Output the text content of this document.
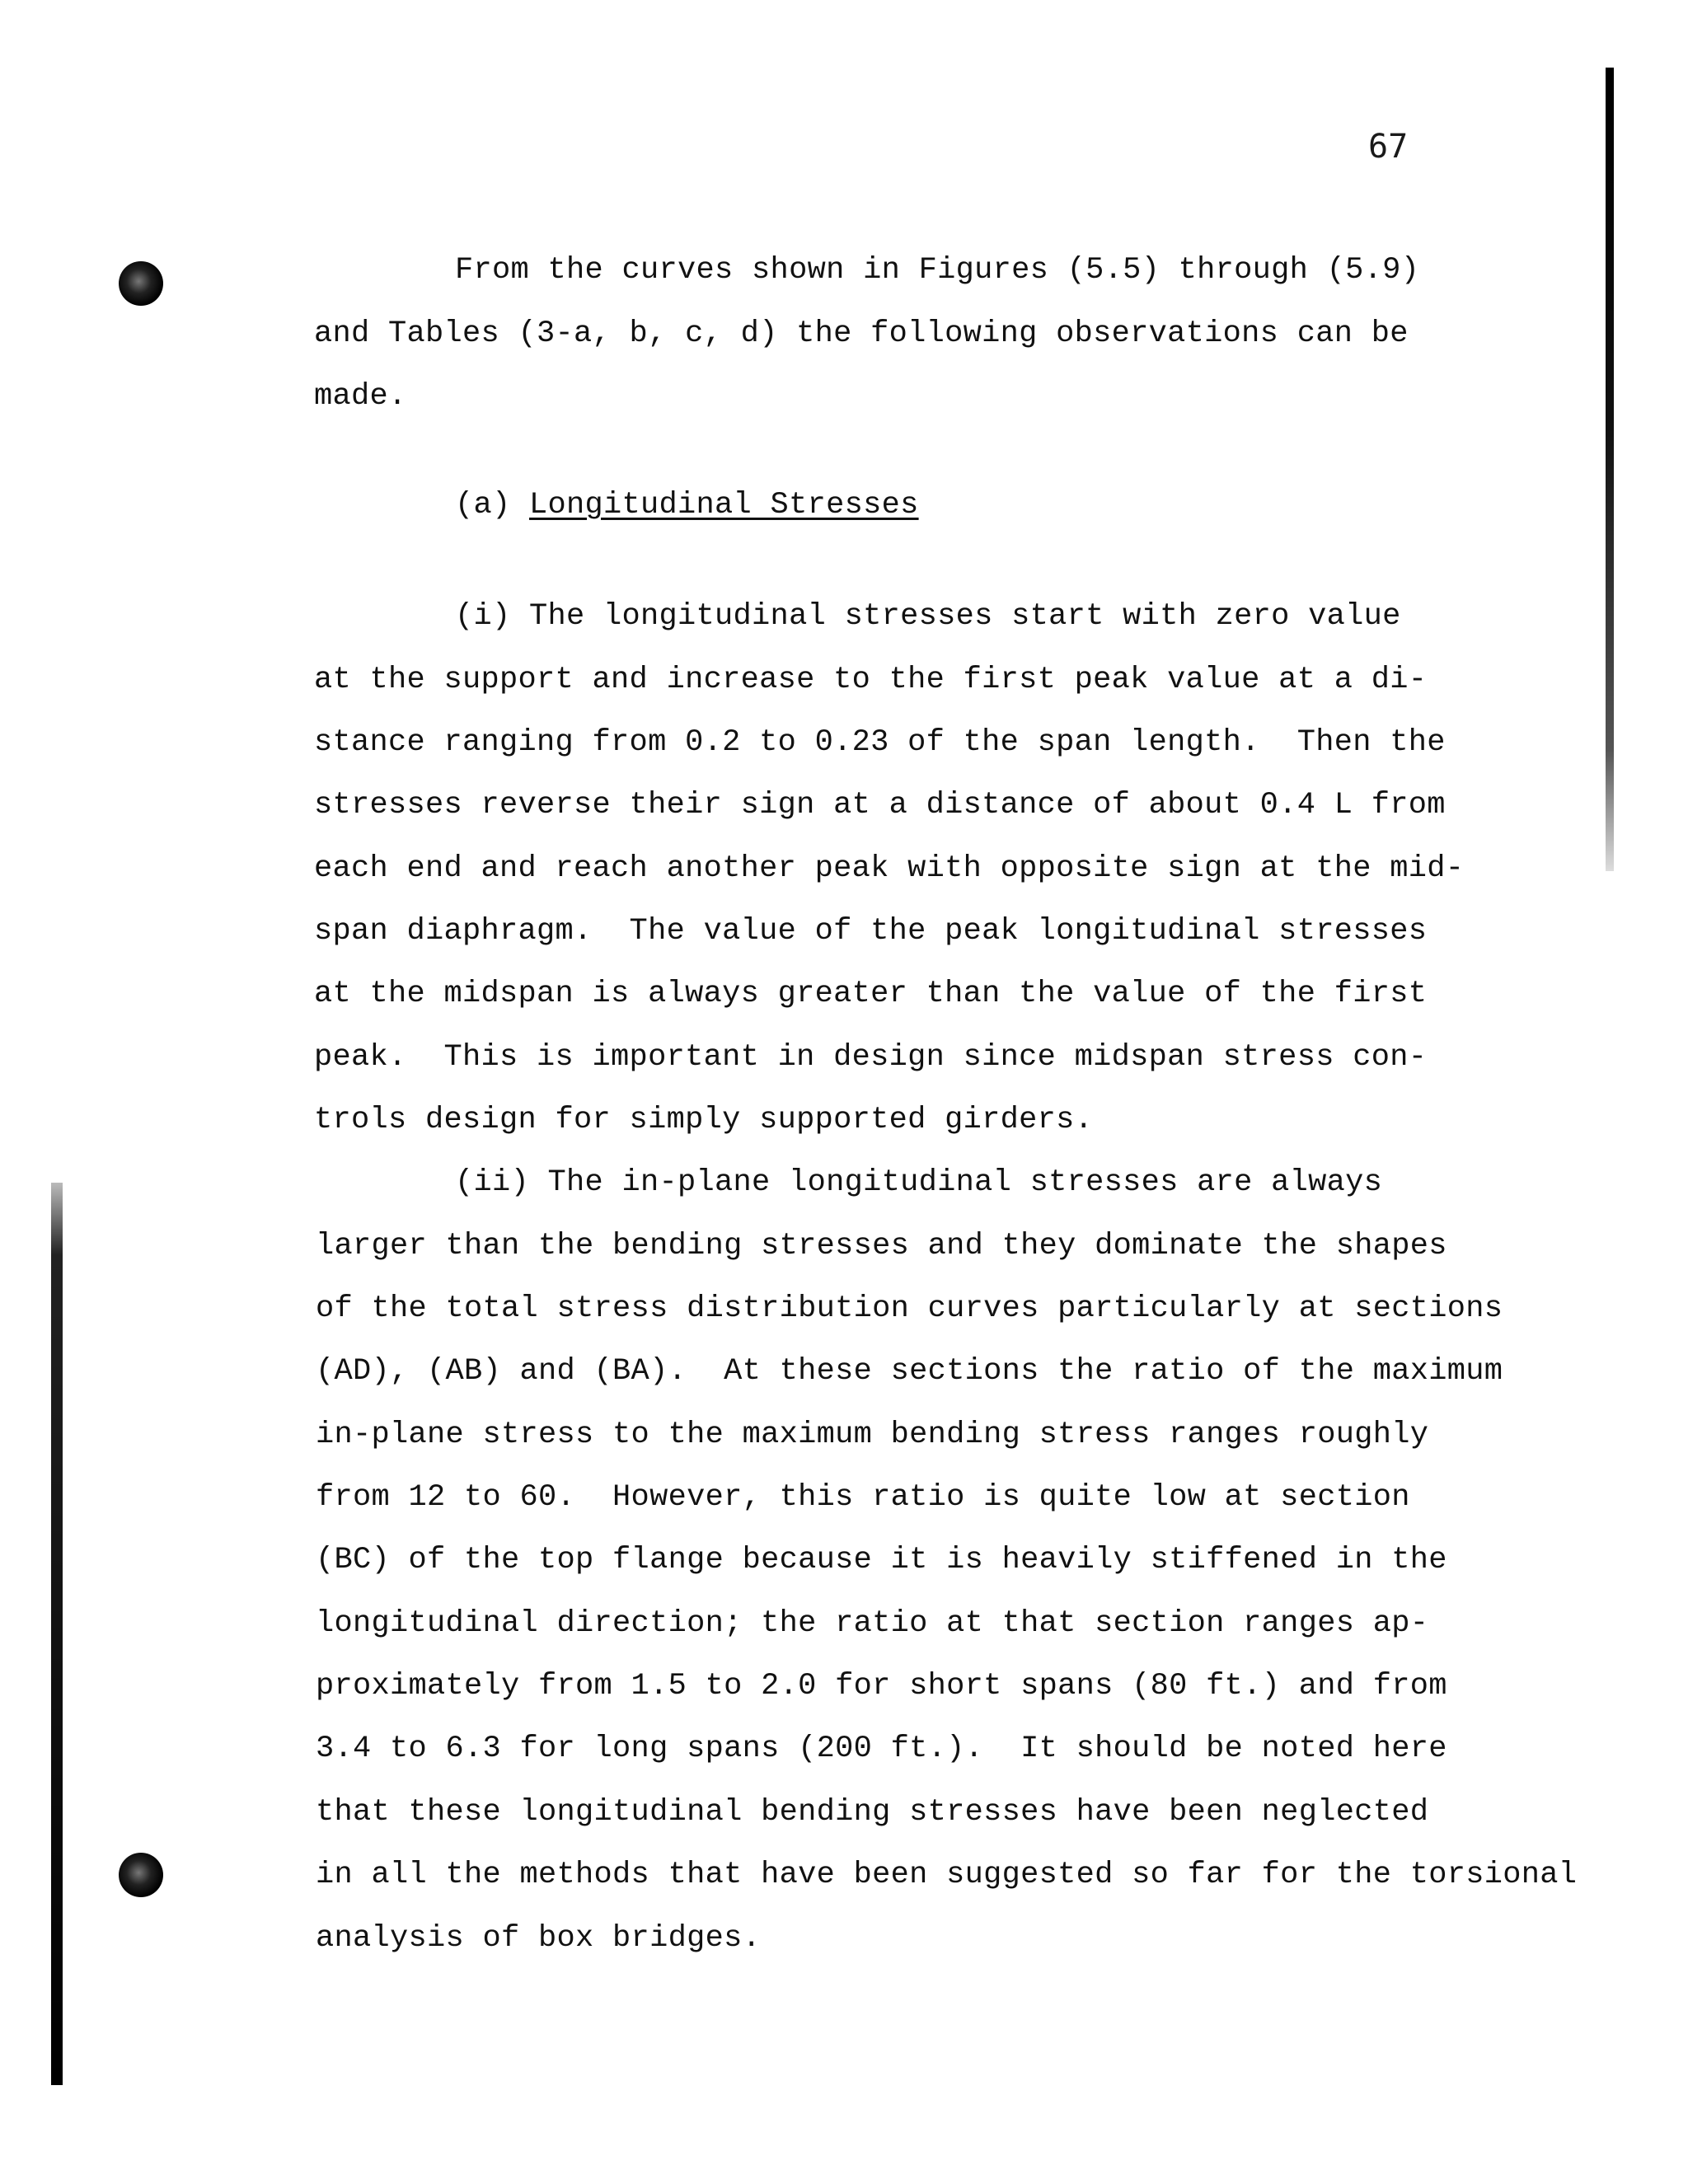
67
From the curves shown in Figures (5.5) through (5.9)
and Tables (3-a, b, c, d) the following observations can be
made.
(a) Longitudinal Stresses
(i) The longitudinal stresses start with zero value
at the support and increase to the first peak value at a di-
stance ranging from 0.2 to 0.23 of the span length.  Then the
stresses reverse their sign at a distance of about 0.4 L from
each end and reach another peak with opposite sign at the mid-
span diaphragm.  The value of the peak longitudinal stresses
at the midspan is always greater than the value of the first
peak.  This is important in design since midspan stress con-
trols design for simply supported girders.
(ii) The in-plane longitudinal stresses are always
larger than the bending stresses and they dominate the shapes
of the total stress distribution curves particularly at sections
(AD), (AB) and (BA).  At these sections the ratio of the maximum
in-plane stress to the maximum bending stress ranges roughly
from 12 to 60.  However, this ratio is quite low at section
(BC) of the top flange because it is heavily stiffened in the
longitudinal direction; the ratio at that section ranges ap-
proximately from 1.5 to 2.0 for short spans (80 ft.) and from
3.4 to 6.3 for long spans (200 ft.).  It should be noted here
that these longitudinal bending stresses have been neglected
in all the methods that have been suggested so far for the torsional
analysis of box bridges.
